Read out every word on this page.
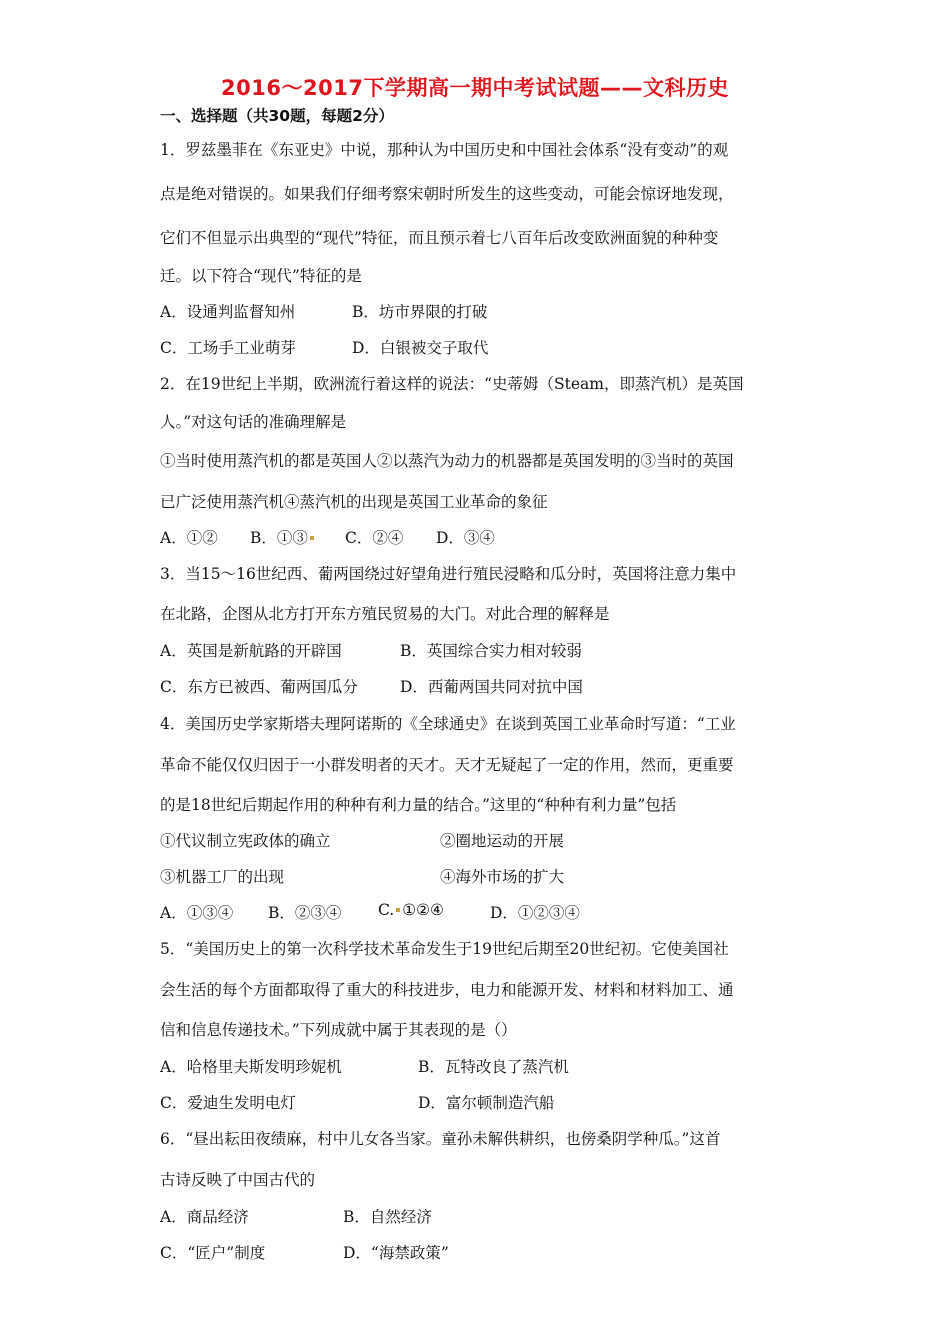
2016～2017下学期高一期中考试试题——文科历史
一、选择题（共30题，每题2分）
1．罗兹墨菲在《东亚史》中说，那种认为中国历史和中国社会体系“没有变动”的观
点是绝对错误的。如果我们仔细考察宋朝时所发生的这些变动，可能会惊讶地发现，
它们不但显示出典型的“现代”特征，而且预示着七八百年后改变欧洲面貌的种种变
迁。以下符合“现代”特征的是
A．设通判监督知州	B．坊市界限的打破
C．工场手工业萌芽	D．白银被交子取代
2．在19世纪上半期，欧洲流行着这样的说法：“史蒂姆（Steam，即蒸汽机）是英国
人。”对这句话的准确理解是
①当时使用蒸汽机的都是英国人②以蒸汽为动力的机器都是英国发明的③当时的英国
已广泛使用蒸汽机④蒸汽机的出现是英国工业革命的象征
A．①② B．①③	C．②④ D．③④
3．当15～16世纪西、葡两国绕过好望角进行殖民浸略和瓜分时，英国将注意力集中
在北路，企图从北方打开东方殖民贸易的大门。对此合理的解释是
A．英国是新航路的开辟国	B．英国综合实力相对较弱
C．东方已被西、葡两国瓜分	D．西葡两国共同对抗中国
4．美国历史学家斯塔夫理阿诺斯的《全球通史》在谈到英国工业革命时写道：“工业
革命不能仅仅归因于一小群发明者的天才。天才无疑起了一定的作用，然而，更重要
的是18世纪后期起作用的种种有利力量的结合。”这里的“种种有利力量”包括
①代议制立宪政体的确立	②圈地运动的开展
③机器工厂的出现	④海外市场的扩大
A．①③④ B．②③④ C. ①②④	D．①②③④
5．“美国历史上的第一次科学技术革命发生于19世纪后期至20世纪初。它使美国社
会生活的每个方面都取得了重大的科技进步，电力和能源开发、材料和材料加工、通
信和信息传递技术。”下列成就中属于其表现的是（）
A．哈格里夫斯发明珍妮机	B．瓦特改良了蒸汽机
C．爱迪生发明电灯	D．富尔顿制造汽船
6．“昼出耘田夜绩麻，村中儿女各当家。童孙未解供耕织，也傍桑阴学种瓜。”这首
古诗反映了中国古代的
A．商品经济	B．自然经济
C．“匠户”制度	D．“海禁政策”
